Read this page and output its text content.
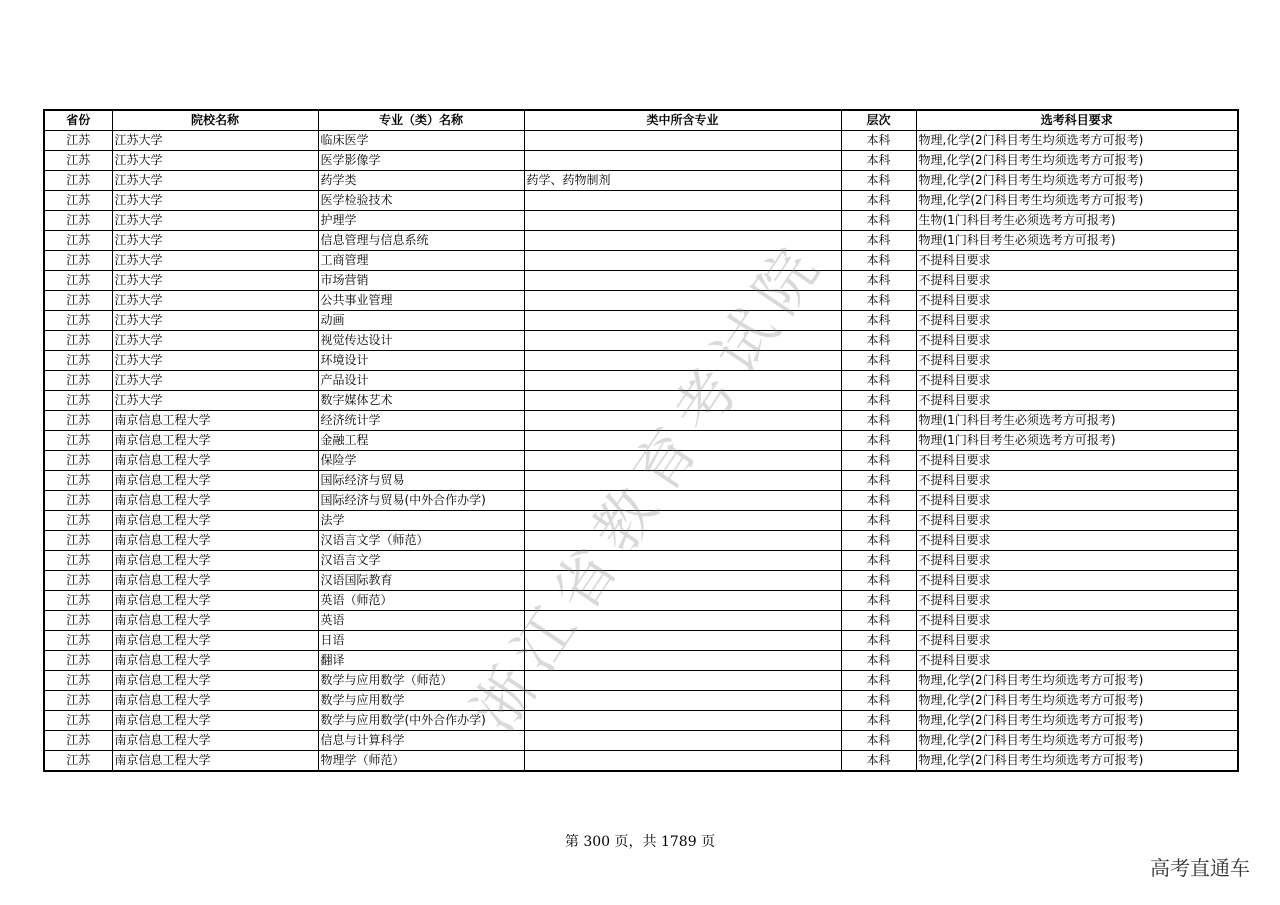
省份	院校名称	专业（类）名称	类中所含专业	层次	选考科目要求
江苏	江苏大学	临床医学		本科	物理,化学(2门科目考生均须选考方可报考)
江苏	江苏大学	医学影像学		本科	物理,化学(2门科目考生均须选考方可报考)
江苏	江苏大学	药学类	药学、药物制剂	本科	物理,化学(2门科目考生均须选考方可报考)
江苏	江苏大学	医学检验技术		本科	物理,化学(2门科目考生均须选考方可报考)
江苏	江苏大学	护理学		本科	生物(1门科目考生必须选考方可报考)
江苏	江苏大学	信息管理与信息系统		本科	物理(1门科目考生必须选考方可报考)
江苏	江苏大学	工商管理		本科	不提科目要求
江苏	江苏大学	市场营销		本科	不提科目要求
江苏	江苏大学	公共事业管理		本科	不提科目要求
江苏	江苏大学	动画		本科	不提科目要求
江苏	江苏大学	视觉传达设计		本科	不提科目要求
江苏	江苏大学	环境设计		本科	不提科目要求
江苏	江苏大学	产品设计		本科	不提科目要求
江苏	江苏大学	数字媒体艺术		本科	不提科目要求
江苏	南京信息工程大学	经济统计学		本科	物理(1门科目考生必须选考方可报考)
江苏	南京信息工程大学	金融工程		本科	物理(1门科目考生必须选考方可报考)
江苏	南京信息工程大学	保险学		本科	不提科目要求
江苏	南京信息工程大学	国际经济与贸易		本科	不提科目要求
江苏	南京信息工程大学	国际经济与贸易(中外合作办学)		本科	不提科目要求
江苏	南京信息工程大学	法学		本科	不提科目要求
江苏	南京信息工程大学	汉语言文学（师范）		本科	不提科目要求
江苏	南京信息工程大学	汉语言文学		本科	不提科目要求
江苏	南京信息工程大学	汉语国际教育		本科	不提科目要求
江苏	南京信息工程大学	英语（师范）		本科	不提科目要求
江苏	南京信息工程大学	英语		本科	不提科目要求
江苏	南京信息工程大学	日语		本科	不提科目要求
江苏	南京信息工程大学	翻译		本科	不提科目要求
江苏	南京信息工程大学	数学与应用数学（师范）		本科	物理,化学(2门科目考生均须选考方可报考)
江苏	南京信息工程大学	数学与应用数学		本科	物理,化学(2门科目考生均须选考方可报考)
江苏	南京信息工程大学	数学与应用数学(中外合作办学)		本科	物理,化学(2门科目考生均须选考方可报考)
江苏	南京信息工程大学	信息与计算科学		本科	物理,化学(2门科目考生均须选考方可报考)
江苏	南京信息工程大学	物理学（师范）		本科	物理,化学(2门科目考生均须选考方可报考)
浙江省教育考试院
第 300 页，共 1789 页
高考直通车
